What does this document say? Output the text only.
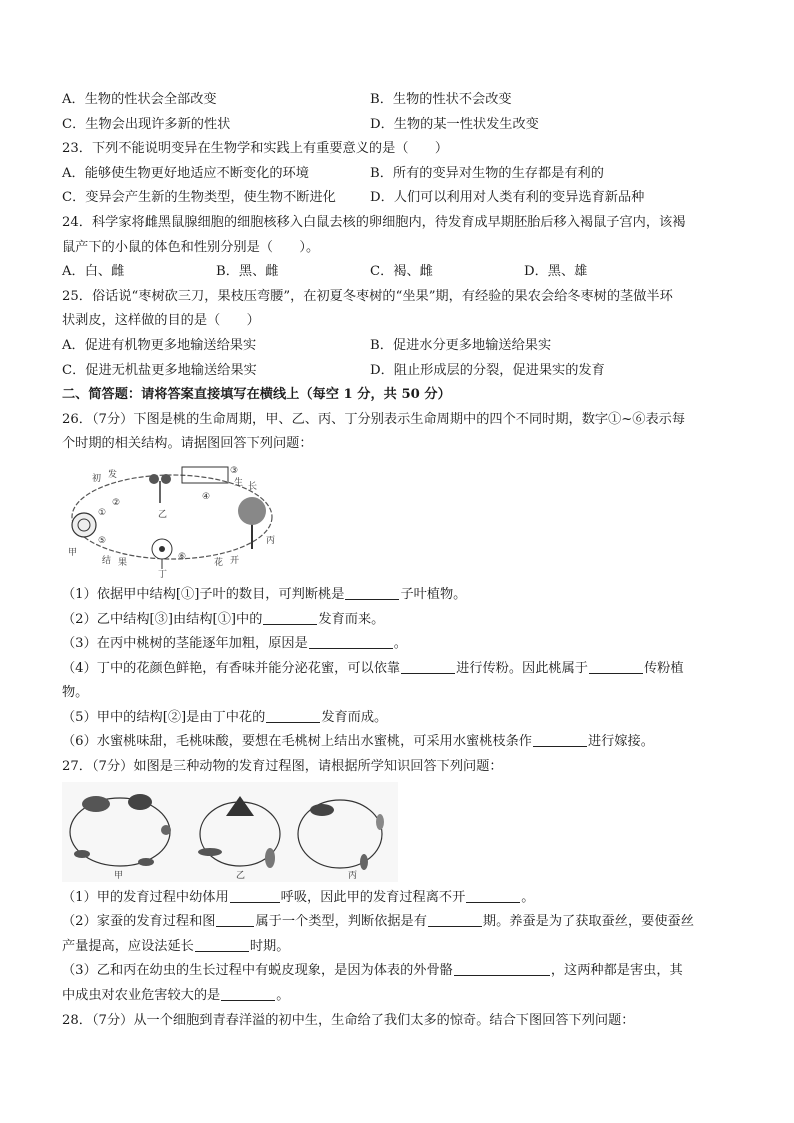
A．生物的性状会全部改变	B．生物的性状不会改变
C．生物会出现许多新的性状	D．生物的某一性状发生改变
23．下列不能说明变异在生物学和实践上有重要意义的是（　　）
A．能够使生物更好地适应不断变化的环境	B．所有的变异对生物的生存都是有利的
C．变异会产生新的生物类型，使生物不断进化	D．人们可以利用对人类有利的变异选育新品种
24．科学家将雌黑鼠腺细胞的细胞核移入白鼠去核的卵细胞内，待发育成早期胚胎后移入褐鼠子宫内，该褐
鼠产下的小鼠的体色和性别分别是（　　）。
A．白、雌	B．黑、雌	C．褐、雌	D．黑、雄
25．俗话说“枣树砍三刀，果枝压弯腰”，在初夏冬枣树的“坐果”期，有经验的果农会给冬枣树的茎做半环
状剥皮，这样做的目的是（　　）
A．促进有机物更多地输送给果实	B．促进水分更多地输送给果实
C．促进无机盐更多地输送给果实	D．阻止形成层的分裂，促进果实的发育
二、简答题：请将答案直接填写在横线上（每空 1 分，共 50 分）
26．（7分）下图是桃的生命周期，甲、乙、丙、丁分别表示生命周期中的四个不同时期，数字①~⑥表示每
个时期的相关结构。请据图回答下列问题：
甲
乙
丙
丁
初 发
生 长
结 果	花 开
①
②
③
④
⑤
⑥
（1）依据甲中结构[①]子叶的数目，可判断桃是	子叶植物。
（2）乙中结构[③]由结构[①]中的	发育而来。
（3）在丙中桃树的茎能逐年加粗，原因是	。
（4）丁中的花颜色鲜艳，有香味并能分泌花蜜，可以依靠	进行传粉。因此桃属于	传粉植
物。
（5）甲中的结构[②]是由丁中花的	发育而成。
（6）水蜜桃味甜，毛桃味酸，要想在毛桃树上结出水蜜桃，可采用水蜜桃枝条作	进行嫁接。
27．（7分）如图是三种动物的发育过程图，请根据所学知识回答下列问题：
甲	乙	丙
（1）甲的发育过程中幼体用	呼吸，因此甲的发育过程离不开	。
（2）家蚕的发育过程和图	属于一个类型，判断依据是有	期。养蚕是为了获取蚕丝，要使蚕丝
产量提高，应设法延长	时期。
（3）乙和丙在幼虫的生长过程中有蜕皮现象，是因为体表的外骨骼	，这两种都是害虫，其
中成虫对农业危害较大的是	。
28．（7分）从一个细胞到青春洋溢的初中生，生命给了我们太多的惊奇。结合下图回答下列问题：
